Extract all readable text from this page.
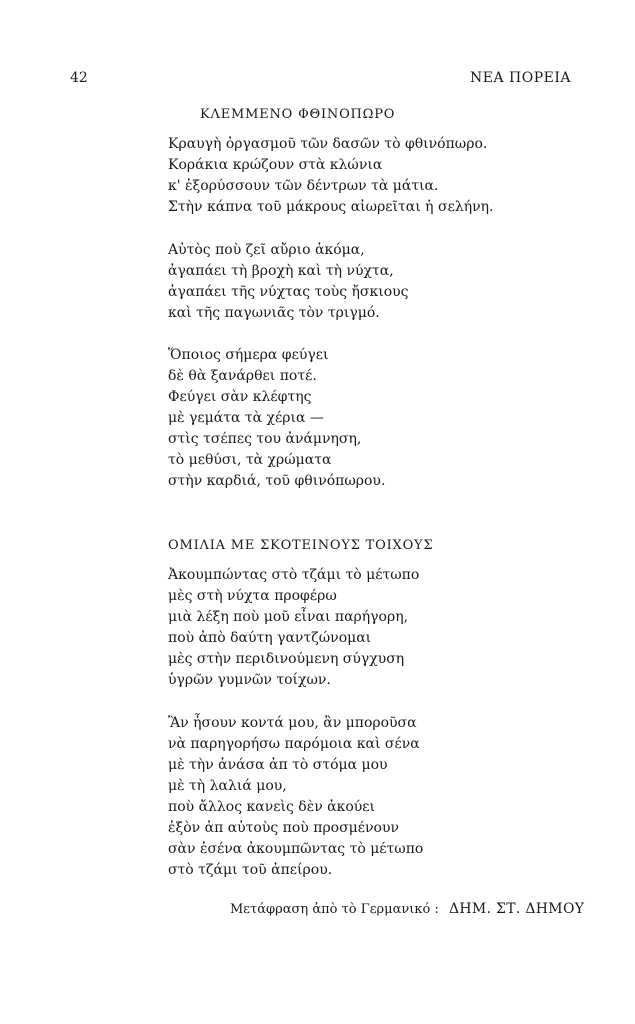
42	ΝΕΑ ΠΟΡΕΙΑ
ΚΛΕΜΜΕΝΟ ΦΘΙΝΟΠΩΡΟ
Κραυγὴ ὀργασμοῦ τῶν δασῶν τὸ φθινόπωρο.
Κοράκια κρώζουν στὰ κλώνια
κ' ἐξορύσσουν τῶν δέντρων τὰ μάτια.
Στὴν κάπνα τοῦ μάκρους αἰωρεῖται ἡ σελήνη.
Αὐτὸς ποὺ ζεῖ αὔριο ἀκόμα,
ἀγαπάει τὴ βροχὴ καὶ τὴ νύχτα,
ἀγαπάει τῆς νύχτας τοὺς ἤσκιους
καὶ τῆς παγωνιᾶς τὸν τριγμό.
Ὅποιος σήμερα φεύγει
δὲ θὰ ξανάρθει ποτέ.
Φεύγει σὰν κλέφτης
μὲ γεμάτα τὰ χέρια —
στὶς τσέπες του ἀνάμνηση,
τὸ μεθύσι, τὰ χρώματα
στὴν καρδιά, τοῦ φθινόπωρου.
ΟΜΙΛΙΑ ΜΕ ΣΚΟΤΕΙΝΟΥΣ ΤΟΙΧΟΥΣ
Ἀκουμπώντας στὸ τζάμι τὸ μέτωπο
μὲς στὴ νύχτα προφέρω
μιὰ λέξη ποὺ μοῦ εἶναι παρήγορη,
ποὺ ἀπὸ δαύτη γαντζώνομαι
μὲς στὴν περιδινούμενη σύγχυση
ὑγρῶν γυμνῶν τοίχων.
Ἂν ἦσουν κοντά μου, ἂν μποροῦσα
νὰ παρηγορήσω παρόμοια καὶ σένα
μὲ τὴν ἀνάσα ἀπ τὸ στόμα μου
μὲ τὴ λαλιά μου,
ποὺ ἄλλος κανεὶς δὲν ἀκούει
ἐξὸν ἀπ αὐτοὺς ποὺ προσμένουν
σὰν ἐσένα ἀκουμπῶντας τὸ μέτωπο
στὸ τζάμι τοῦ ἀπείρου.
Μετάφραση ἀπὸ τὸ Γερμανικό : ΔΗΜ. ΣΤ. ΔΗΜΟΥ
